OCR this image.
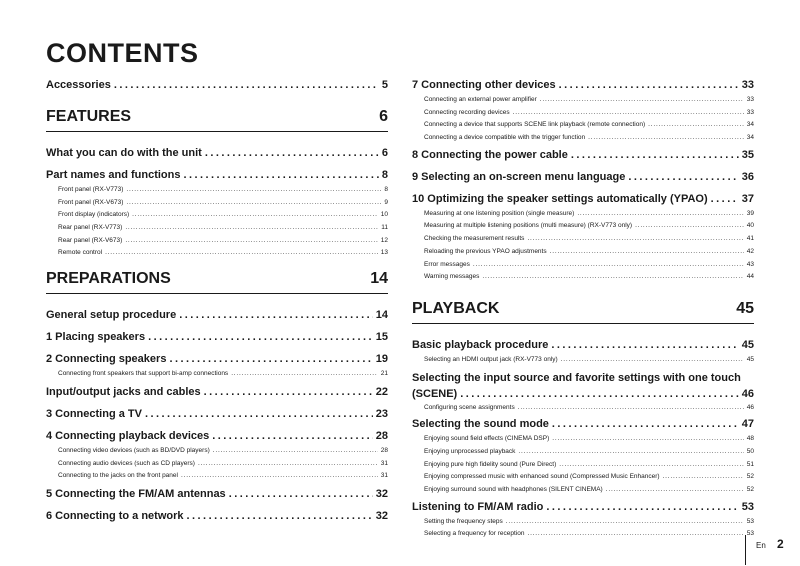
CONTENTS
Accessories . . .	5
FEATURES	6
What you can do with the unit . . .	6
Part names and functions . . .	8
Front panel (RX-V773) . . .	8
Front panel (RX-V673) . . .	9
Front display (indicators) . . .	10
Rear panel (RX-V773) . . .	11
Rear panel (RX-V673) . . .	12
Remote control . . .	13
PREPARATIONS	14
General setup procedure . . .	14
1 Placing speakers . . .	15
2 Connecting speakers . . .	19
Connecting front speakers that support bi-amp connections . . .	21
Input/output jacks and cables . . .	22
3 Connecting a TV . . .	23
4 Connecting playback devices . . .	28
Connecting video devices (such as BD/DVD players) . . .	28
Connecting audio devices (such as CD players) . . .	31
Connecting to the jacks on the front panel . . .	31
5 Connecting the FM/AM antennas . . .	32
6 Connecting to a network . . .	32
7 Connecting other devices . . .	33
Connecting an external power amplifier . . .	33
Connecting recording devices . . .	33
Connecting a device that supports SCENE link playback (remote connection) . . .	34
Connecting a device compatible with the trigger function . . .	34
8 Connecting the power cable . . .	35
9 Selecting an on-screen menu language . . .	36
10 Optimizing the speaker settings automatically (YPAO) . . .	37
Measuring at one listening position (single measure) . . .	39
Measuring at multiple listening positions (multi measure) (RX-V773 only) . . .	40
Checking the measurement results . . .	41
Reloading the previous YPAO adjustments . . .	42
Error messages . . .	43
Warning messages . . .	44
PLAYBACK	45
Basic playback procedure . . .	45
Selecting an HDMI output jack (RX-V773 only) . . .	45
Selecting the input source and favorite settings with one touch
(SCENE) . . .	46
Configuring scene assignments . . .	46
Selecting the sound mode . . .	47
Enjoying sound field effects (CINEMA DSP) . . .	48
Enjoying unprocessed playback . . .	50
Enjoying pure high fidelity sound (Pure Direct) . . .	51
Enjoying compressed music with enhanced sound (Compressed Music Enhancer) . . .	52
Enjoying surround sound with headphones (SILENT CINEMA) . . .	52
Listening to FM/AM radio . . .	53
Setting the frequency steps . . .	53
Selecting a frequency for reception . . .	53
En 2
